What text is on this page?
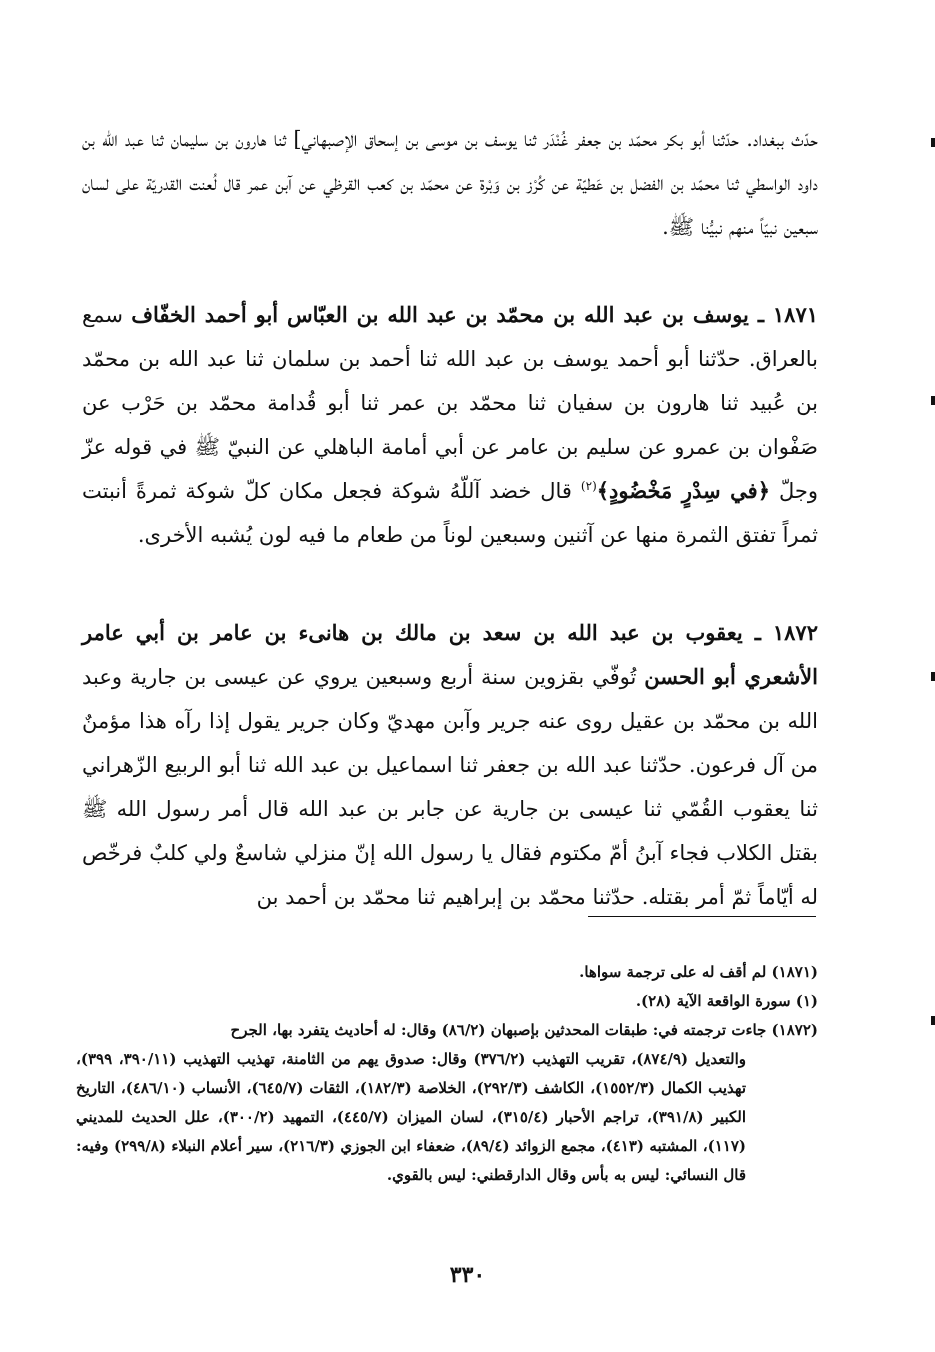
حدّث ببغداد. حدّثنا أبو بكر محمّد بن جعفر غُنْدَر ثنا يوسف بن موسى بن إسحاق الإصبهاني] ثنا هارون بن سليمان ثنا عبد الله بن داود الواسطي ثنا محمّد بن الفضل بن عَطيّة عن كُرْز بن وَبْرة عن محمّد بن كعب القرظي عن آبن عمر قال لُعنت القدريّة على لسان سبعين نبيّاً منهم نبيُّنا ﷺ.

١٨٧١ ـ يوسف بن عبد الله بن محمّد بن عبد الله بن العبّاس أبو أحمد الخفّاف سمع بالعراق. حدّثنا أبو أحمد يوسف بن عبد الله ثنا أحمد بن سلمان ثنا عبد الله بن محمّد بن عُبيد ثنا هارون بن سفيان ثنا محمّد بن عمر ثنا أبو قُدامة محمّد بن حَرْب عن صَفْوان بن عمرو عن سليم بن عامر عن أبي أمامة الباهلي عن النبيّ ﷺ في قوله عزّ وجلّ ﴿في سِدْرٍ مَخْضُودٍ﴾$^{(٢)}$ قال خضد آللّهُ شوكة فجعل مكان كلّ شوكة ثمرةً أنبتت ثمراً تفتق الثمرة منها عن آثنين وسبعين لوناً من طعام ما فيه لون يُشبه الأخرى.

١٨٧٢ ـ يعقوب بن عبد الله بن سعد بن مالك بن هانىء بن عامر بن أبي عامر الأشعري أبو الحسن تُوفّي بقزوين سنة أربع وسبعين يروي عن عيسى بن جارية وعبد الله بن محمّد بن عقيل روى عنه جرير وآبن مهديّ وكان جرير يقول إذا رآه هذا مؤمنٌ من آل فرعون. حدّثنا عبد الله بن جعفر ثنا اسماعيل بن عبد الله ثنا أبو الربيع الزّهراني ثنا يعقوب القُمّي ثنا عيسى بن جارية عن جابر بن عبد الله قال أمر رسول الله ﷺ بقتل الكلاب فجاء آبنُ أمّ مكتوم فقال يا رسول الله إنّ منزلي شاسعٌ ولي كلبٌ فرخّص له أيّاماً ثمّ أمر بقتله. حدّثنا محمّد بن إبراهيم ثنا محمّد بن أحمد بن

(١٨٧١) لم أقف له على ترجمة سواها.

(١) سورة الواقعة الآية (٢٨).

(١٨٧٢) جاءت ترجمته في: طبقات المحدثين بإصبهان (٨٦/٢) وقال: له أحاديث يتفرد بها، الجرح

والتعديل (٨٧٤/٩)، تقريب التهذيب (٣٧٦/٢) وقال: صدوق يهم من الثامنة، تهذيب التهذيب (٣٩٠/١١، ٣٩٩)، تهذيب الكمال (١٥٥٢/٣)، الكاشف (٢٩٢/٣)، الخلاصة (١٨٢/٣)، الثقات (٦٤٥/٧)، الأنساب (٤٨٦/١٠)، التاريخ الكبير (٣٩١/٨)، تراجم الأحبار (٣١٥/٤)، لسان الميزان (٤٤٥/٧)، التمهيد (٣٠٠/٢)، علل الحديث للمديني (١١٧)، المشتبه (٤١٣)، مجمع الزوائد (٨٩/٤)، ضعفاء ابن الجوزي (٢١٦/٣)، سير أعلام النبلاء (٢٩٩/٨) وفيه: قال النسائي: ليس به بأس وقال الدارقطني: ليس بالقوي.

٣٣٠
